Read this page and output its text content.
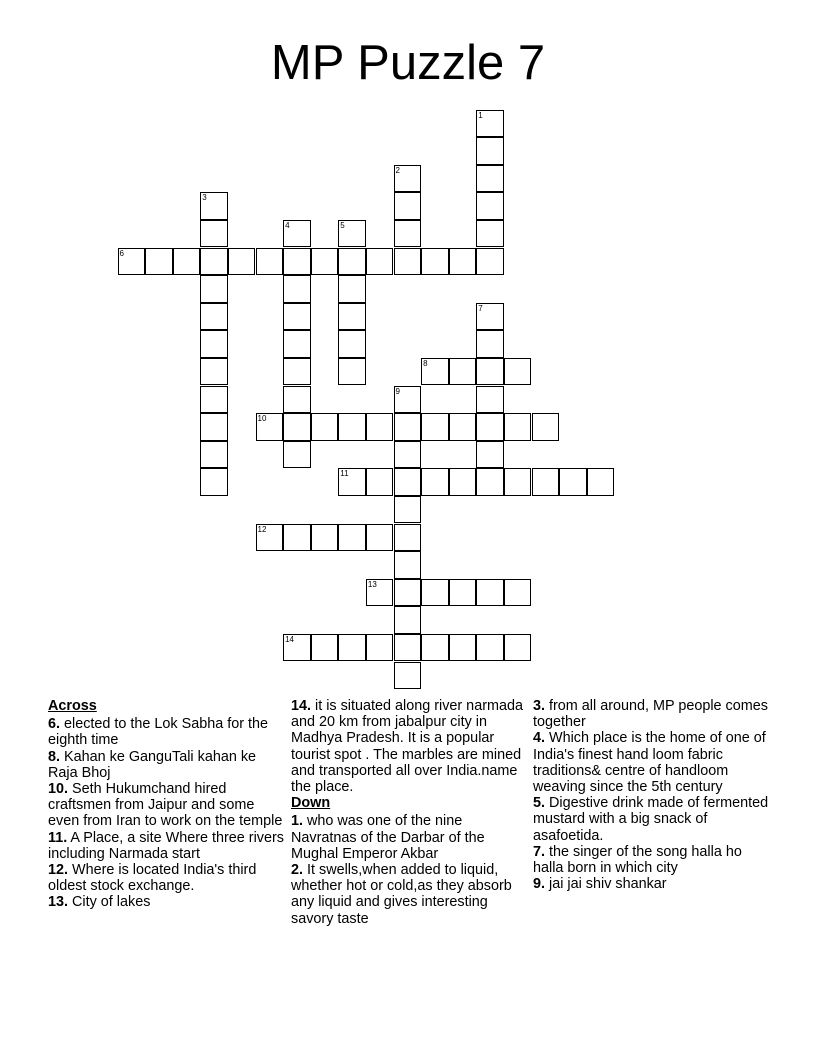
MP Puzzle 7
1
2
3
4	5
6
7
8
9
10
11
12
13
14
Across
6. elected to the Lok Sabha for the eighth time
8. Kahan ke GanguTali kahan ke Raja Bhoj
10. Seth Hukumchand hired craftsmen from Jaipur and some even from Iran to work on the temple
11. A Place, a site Where three rivers including Narmada start
12. Where is located India's third oldest stock exchange.
13. City of lakes
14. it is situated along river narmada and 20 km from jabalpur city in Madhya Pradesh. It is a popular tourist spot . The marbles are mined and transported all over India.name the place.
Down
1. who was one of the nine Navratnas of the Darbar of the Mughal Emperor Akbar
2. It swells,when added to liquid, whether hot or cold,as they absorb any liquid and gives interesting savory taste
3. from all around, MP people comes together
4. Which place is the home of one of India's finest hand loom fabric traditions& centre of handloom weaving since the 5th century
5. Digestive drink made of fermented mustard with a big snack of asafoetida.
7. the singer of the song halla ho halla born in which city
9. jai jai shiv shankar
